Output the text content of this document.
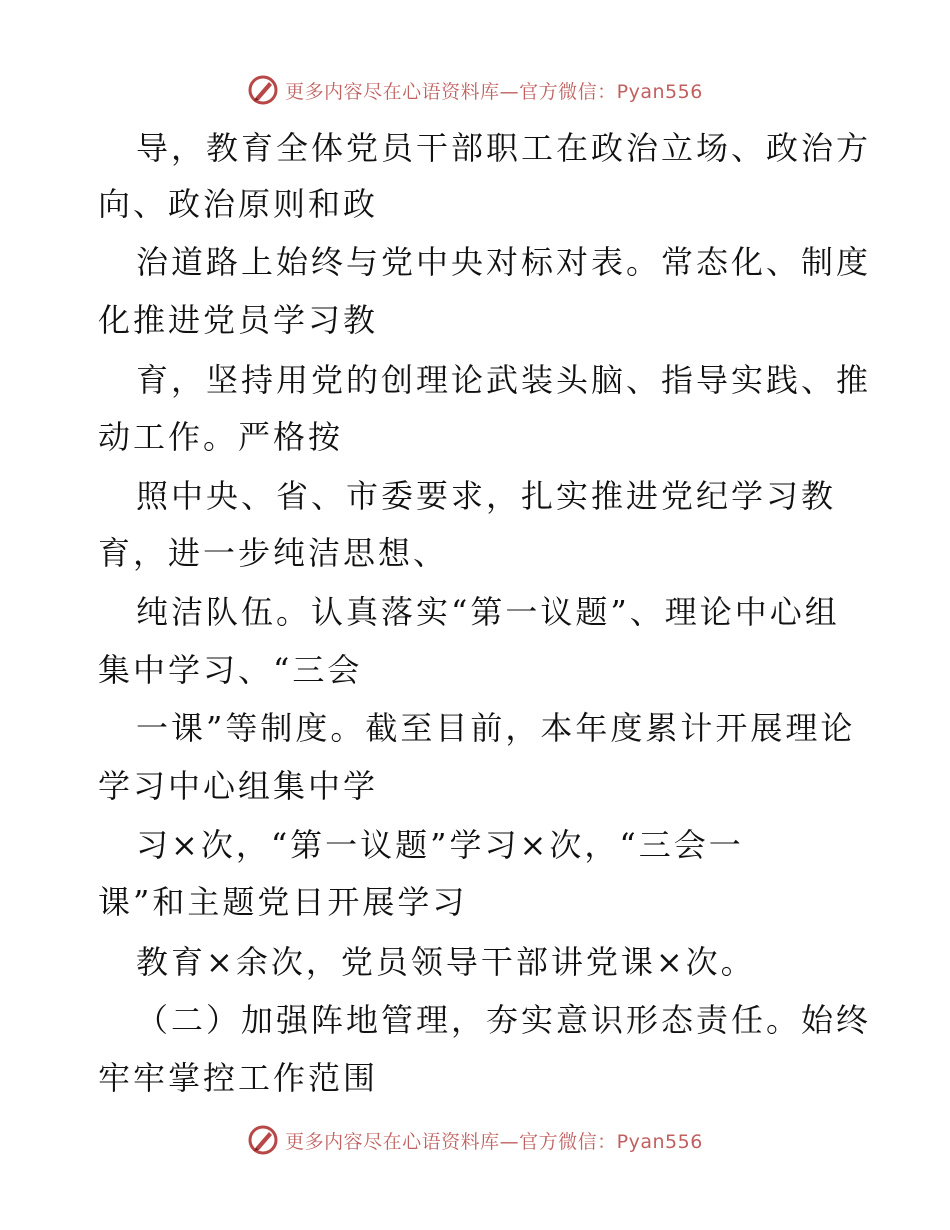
更多内容尽在心语资料库—官方微信：Pyan556
导，教育全体党员干部职工在政治立场、政治方
向、政治原则和政
治道路上始终与党中央对标对表。常态化、制度
化推进党员学习教
育，坚持用党的创理论武装头脑、指导实践、推
动工作。严格按
照中央、省、市委要求，扎实推进党纪学习教
育，进一步纯洁思想、
纯洁队伍。认真落实“第一议题”、理论中心组
集中学习、“三会
一课”等制度。截至目前，本年度累计开展理论
学习中心组集中学
习×次，“第一议题”学习×次，“三会一
课”和主题党日开展学习
教育×余次，党员领导干部讲党课×次。
（二）加强阵地管理，夯实意识形态责任。始终
牢牢掌控工作范围
更多内容尽在心语资料库—官方微信：Pyan556
